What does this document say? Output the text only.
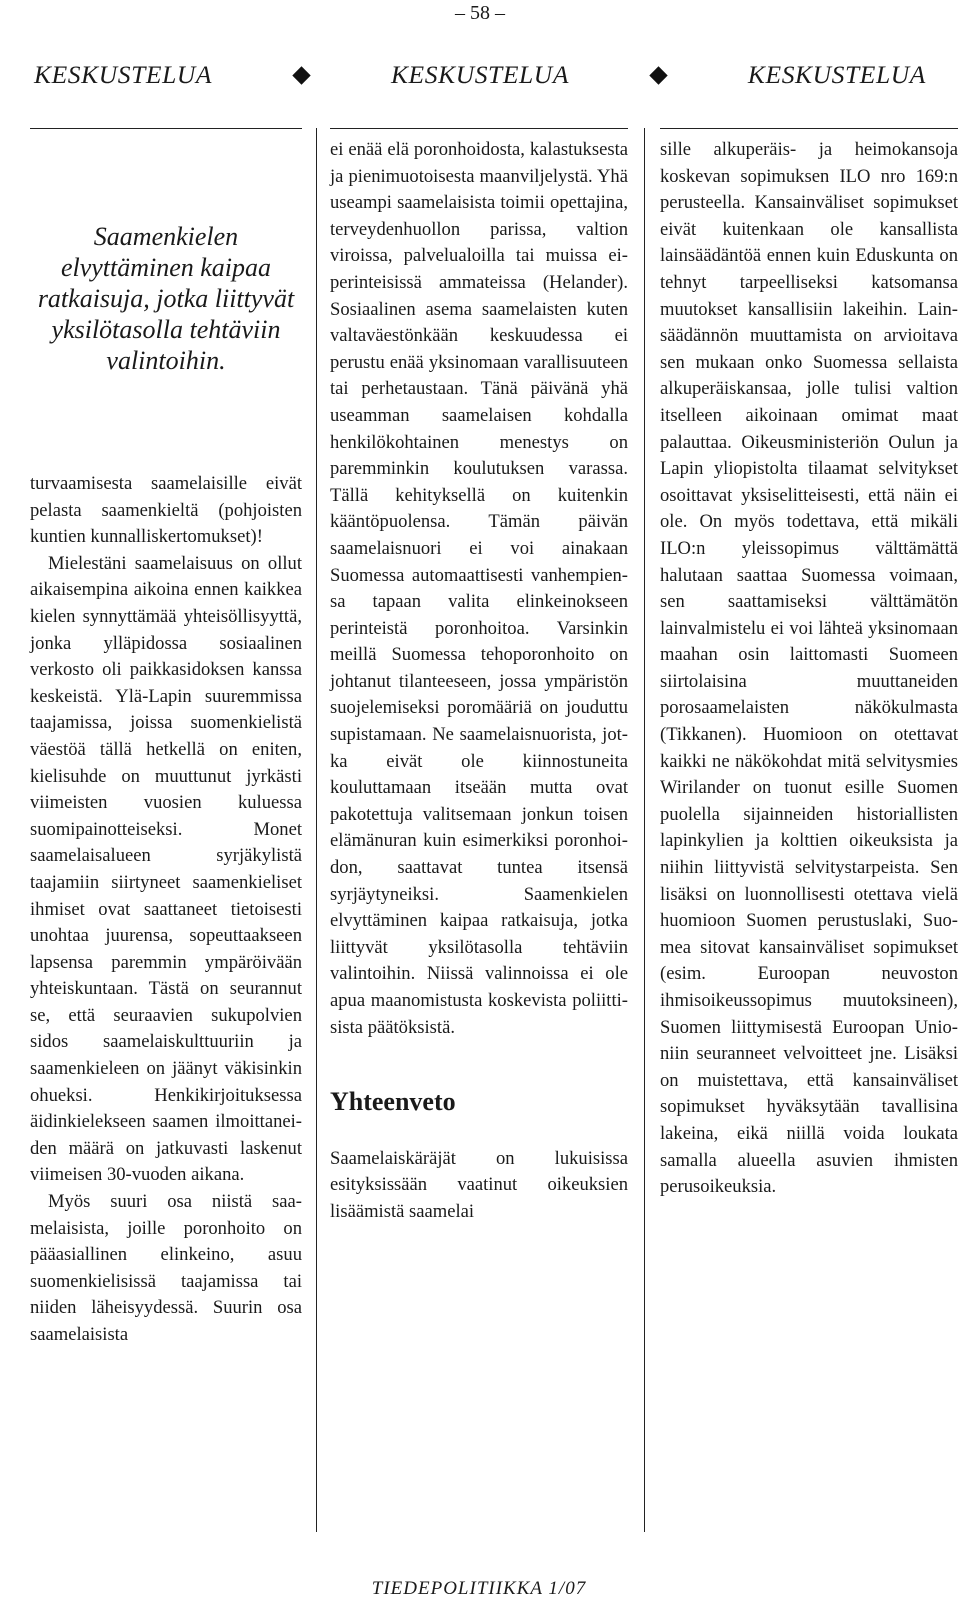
– 58 –
KESKUSTELUA	KESKUSTELUA	KESKUSTELUA
Saamenkielen elvyttäminen kaipaa ratkaisuja, jotka liittyvät yksilötasolla tehtäviin valintoihin.

turvaamisesta saamelaisille eivät pelasta saamenkieltä (pohjoisten kuntien kunnalliskertomukset)!

Mielestäni saamelaisuus on ollut aikaisempina aikoina ennen kaikkea kielen synnyttämää yhteisöllisyyttä, jonka ylläpidossa sosiaalinen verkosto oli paikkasidoksen kanssa keskeistä. Ylä-Lapin suuremmissa taajamissa, joissa suomenkielistä väestöä tällä hetkellä on eniten, kielisuhde on muuttunut jyrkästi viimeisten vuosien kuluessa suomipainotteiseksi. Monet saamelaisalueen syrjäkylistä taajamiin siirtyneet saamenkieliset ihmiset ovat saattaneet tietoisesti unohtaa juurensa, sopeuttaakseen lapsensa paremmin ympäröivään yhteiskuntaan. Tästä on seurannut se, että seuraavien sukupolvien sidos saamelaiskulttuuriin ja saamenkieleen on jäänyt väkisinkin ohueksi. Henkikirjoituksessa äidinkielekseen saamen ilmoittaneiden määrä on jatkuvasti laskenut viimeisen 30-vuoden aikana.

Myös suuri osa niistä saamelaisista, joille poronhoito on pääasiallinen elinkeino, asuu suomenkielisissä taajamissa tai niiden läheisyydessä. Suurin osa saamelaisista

ei enää elä poronhoidosta, kalastuksesta ja pienimuotoisesta maanviljelystä. Yhä useampi saamelaisista toimii opettajina, terveydenhuollon parissa, valtion viroissa, palvelualoilla tai muissa ei- perinteisissä ammateissa (Helander). Sosiaalinen asema saamelaisten kuten valtaväestönkään keskuudessa ei perustu enää yksinomaan varallisuuteen tai perhetaustaan. Tänä päivänä yhä useamman saamelaisen kohdalla henkilökohtainen menestys on paremminkin koulutuksen varassa. Tällä kehityksellä on kuitenkin kääntöpuolensa. Tämän päivän saamelaisnuori ei voi ainakaan Suomessa automaattisesti vanhempiensa tapaan valita elinkeinokseen perinteistä poronhoitoa. Varsinkin meillä Suomessa tehoporonhoito on johtanut tilanteeseen, jossa ympäristön suojelemiseksi poromääriä on jouduttu supistamaan. Ne saamelaisnuorista, jotka eivät ole kiinnostuneita kouluttamaan itseään mutta ovat pakotettuja valitsemaan jonkun toisen elämänuran kuin esimerkiksi poronhoidon, saattavat tuntea itsensä syrjäytyneiksi. Saamenkielen elvyttäminen kaipaa ratkaisuja, jotka liittyvät yksilötasolla tehtäviin valintoihin. Niissä valinnoissa ei ole apua maanomistusta koskevista poliittisista päätöksistä.

Yhteenveto

Saamelaiskäräjät on lukuisissa esityksissään vaatinut oikeuksien lisäämistä saamelai

sille alkuperäis- ja heimokansoja koskevan sopimuksen ILO nro 169:n perusteella. Kansainväliset sopimukset eivät kuitenkaan ole kansallista lainsäädäntöä ennen kuin Eduskunta on tehnyt tarpeelliseksi katsomansa muutokset kansallisiin lakeihin. Lainsäädännön muuttamista on arvioitava sen mukaan onko Suomessa sellaista alkuperäiskansaa, jolle tulisi valtion itselleen aikoinaan omimat maat palauttaa. Oikeusministeriön Oulun ja Lapin yliopistolta tilaamat selvitykset osoittavat yksiselitteisesti, että näin ei ole. On myös todettava, että mikäli ILO:n yleissopimus välttämättä halutaan saattaa Suomessa voimaan, sen saattamiseksi välttämätön lainvalmistelu ei voi lähteä yksinomaan maahan osin laittomasti Suomeen siirtolaisina muuttaneiden porosaamelaisten näkökulmasta (Tikkanen). Huomioon on otettavat kaikki ne näkökohdat mitä selvitysmies Wirilander on tuonut esille Suomen puolella sijainneiden historiallisten lapinkylien ja kolttien oikeuksista ja niihin liittyvistä selvitystarpeista. Sen lisäksi on luonnollisesti otettava vielä huomioon Suomen perustuslaki, Suomea sitovat kansainväliset sopimukset (esim. Euroopan neuvoston ihmisoikeussopimus muutoksineen), Suomen liittymisestä Euroopan Unioniin seuranneet velvoitteet jne. Lisäksi on muistettava, että kansainväliset sopimukset hyväksytään tavallisina lakeina, eikä niillä voida loukata samalla alueella asuvien ihmisten perusoikeuksia.

TIEDEPOLITIIKKA 1/07
